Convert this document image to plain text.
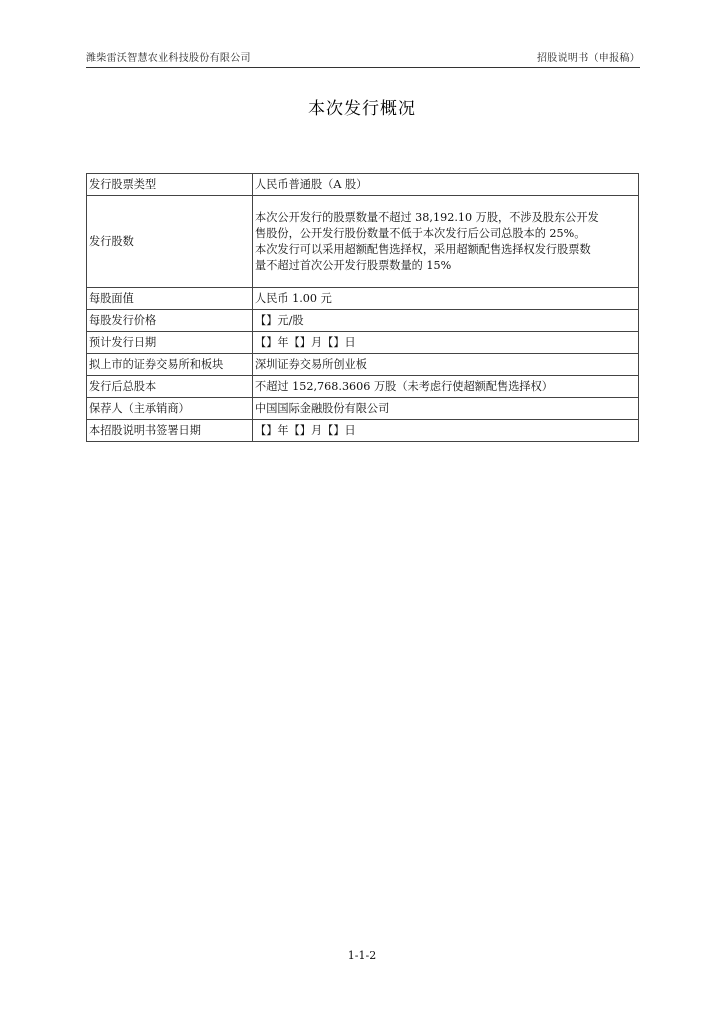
潍柴雷沃智慧农业科技股份有限公司	招股说明书（申报稿）
本次发行概况
发行股票类型	人民币普通股（A 股）
发行股数	本次公开发行的股票数量不超过 38,192.10 万股，不涉及股东公开发
售股份，公开发行股份数量不低于本次发行后公司总股本的 25%。
本次发行可以采用超额配售选择权，采用超额配售选择权发行股票数
量不超过首次公开发行股票数量的 15%

每股面值	人民币 1.00 元
每股发行价格	【】元/股
预计发行日期	【】年【】月【】日
拟上市的证券交易所和板块	深圳证券交易所创业板
发行后总股本	不超过 152,768.3606 万股（未考虑行使超额配售选择权）
保荐人（主承销商）	中国国际金融股份有限公司
本招股说明书签署日期	【】年【】月【】日
1-1-2
